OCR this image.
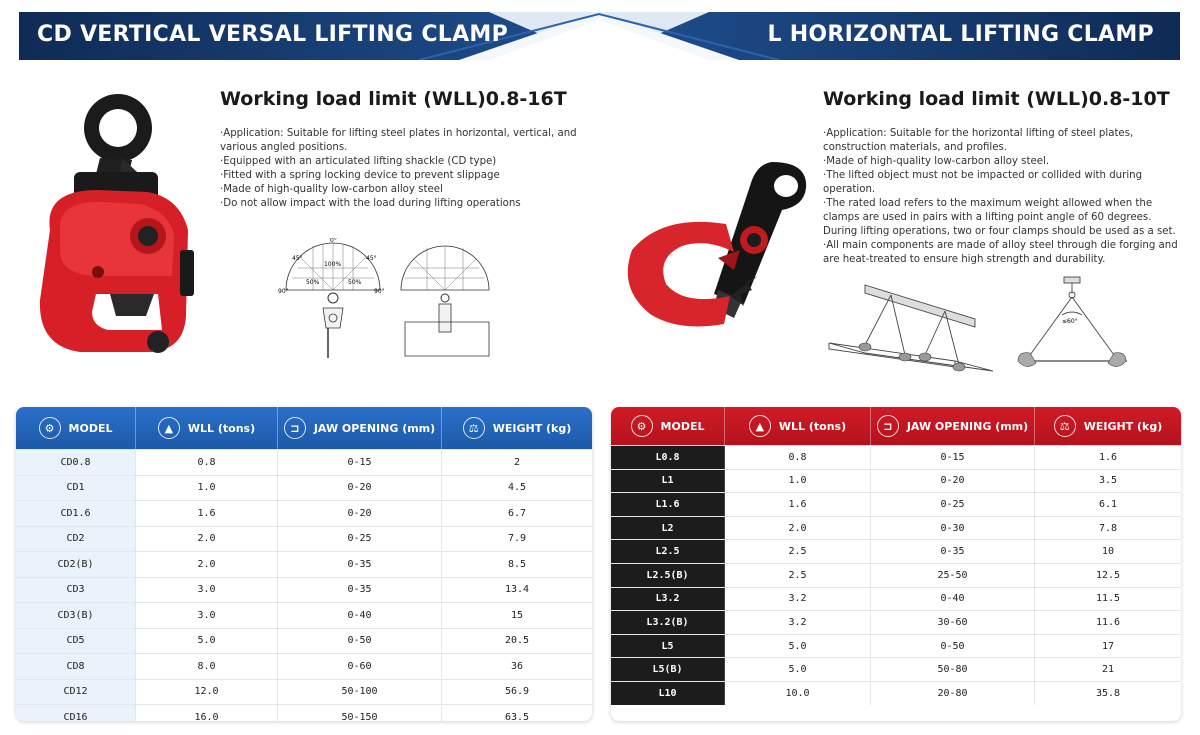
CD VERTICAL VERSAL LIFTING CLAMP	L HORIZONTAL LIFTING CLAMP
Working load limit (WLL)0.8-16T
·Application: Suitable for lifting steel plates in horizontal, vertical, and various angled positions.
·Equipped with an articulated lifting shackle (CD type)
·Fitted with a spring locking device to prevent slippage
·Made of high-quality low-carbon alloy steel
·Do not allow impact with the load during lifting operations
0°
45°	45°
90°	90°
100%
50%	50%
Working load limit (WLL)0.8-10T
·Application: Suitable for the horizontal lifting of steel plates, construction materials, and profiles.
·Made of high-quality low-carbon alloy steel.
·The lifted object must not be impacted or collided with during operation.
·The rated load refers to the maximum weight allowed when the clamps are used in pairs with a lifting point angle of 60 degrees. During lifting operations, two or four clamps should be used as a set.
·All main components are made of alloy steel through die forging and are heat-treated to ensure high strength and durability.
≤60°
⚙	MODEL	▲	WLL (tons)	⊐	JAW OPENING (mm)	⚖	WEIGHT (kg)
CD0.8	0.8	0-15	2
CD1	1.0	0-20	4.5
CD1.6	1.6	0-20	6.7
CD2	2.0	0-25	7.9
CD2(B)	2.0	0-35	8.5
CD3	3.0	0-35	13.4
CD3(B)	3.0	0-40	15
CD5	5.0	0-50	20.5
CD8	8.0	0-60	36
CD12	12.0	50-100	56.9
CD16	16.0	50-150	63.5
⚙	MODEL	▲	WLL (tons)	⊐	JAW OPENING (mm)	⚖	WEIGHT (kg)
L0.8	0.8	0-15	1.6
L1	1.0	0-20	3.5
L1.6	1.6	0-25	6.1
L2	2.0	0-30	7.8
L2.5	2.5	0-35	10
L2.5(B)	2.5	25-50	12.5
L3.2	3.2	0-40	11.5
L3.2(B)	3.2	30-60	11.6
L5	5.0	0-50	17
L5(B)	5.0	50-80	21
L10	10.0	20-80	35.8
